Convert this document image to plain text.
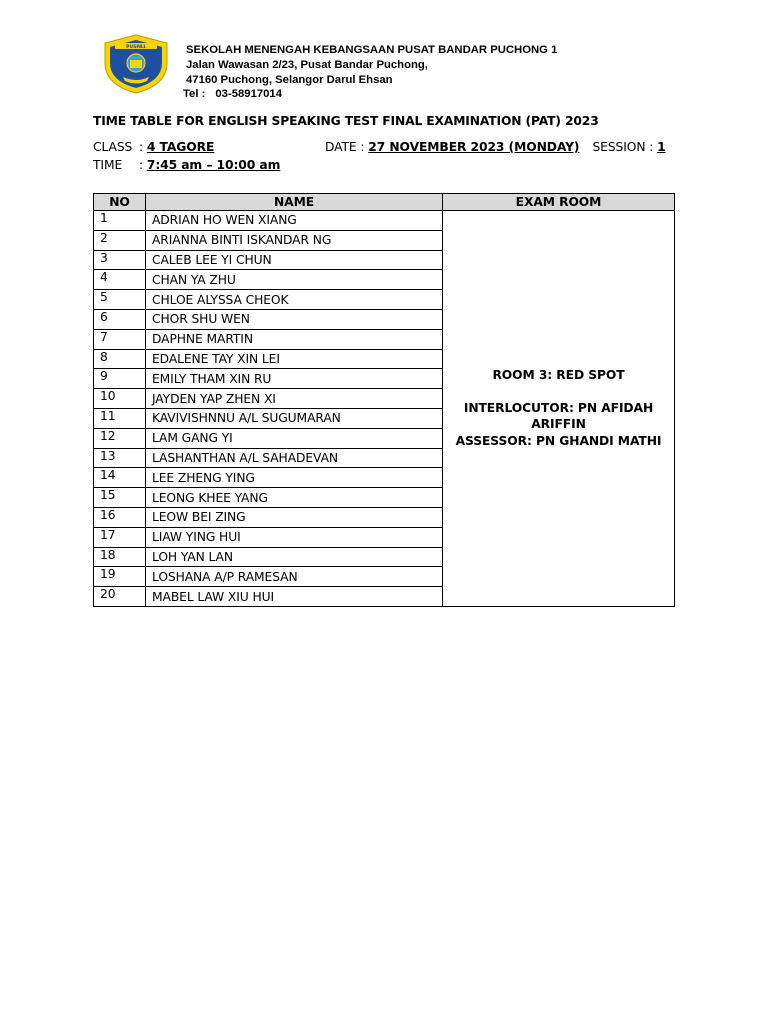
PUSPA1	SEKOLAH MENENGAH KEBANGSAAN PUSAT BANDAR PUCHONG 1
Jalan Wawasan 2/23, Pusat Bandar Puchong,
47160 Puchong, Selangor Darul Ehsan
Tel : 03-58917014
TIME TABLE FOR ENGLISH SPEAKING TEST FINAL EXAMINATION (PAT) 2023
CLASS : 4 TAGORE	DATE : 27 NOVEMBER 2023 (MONDAY) SESSION : 1
TIME : 7:45 am – 10:00 am
NO	NAME	EXAM ROOM
1	ADRIAN HO WEN XIANG	ROOM 3: RED SPOT
INTERLOCUTOR: PN AFIDAH ARIFFIN
ASSESSOR: PN GHANDI MATHI

2	ARIANNA BINTI ISKANDAR NG	
3	CALEB LEE YI CHUN	
4	CHAN YA ZHU	
5	CHLOE ALYSSA CHEOK	
6	CHOR SHU WEN	
7	DAPHNE MARTIN	
8	EDALENE TAY XIN LEI	
9	EMILY THAM XIN RU	
10	JAYDEN YAP ZHEN XI	
11	KAVIVISHNNU A/L SUGUMARAN	
12	LAM GANG YI	
13	LASHANTHAN A/L SAHADEVAN	
14	LEE ZHENG YING	
15	LEONG KHEE YANG	
16	LEOW BEI ZING	
17	LIAW YING HUI	
18	LOH YAN LAN	
19	LOSHANA A/P RAMESAN	
20	MABEL LAW XIU HUI	
